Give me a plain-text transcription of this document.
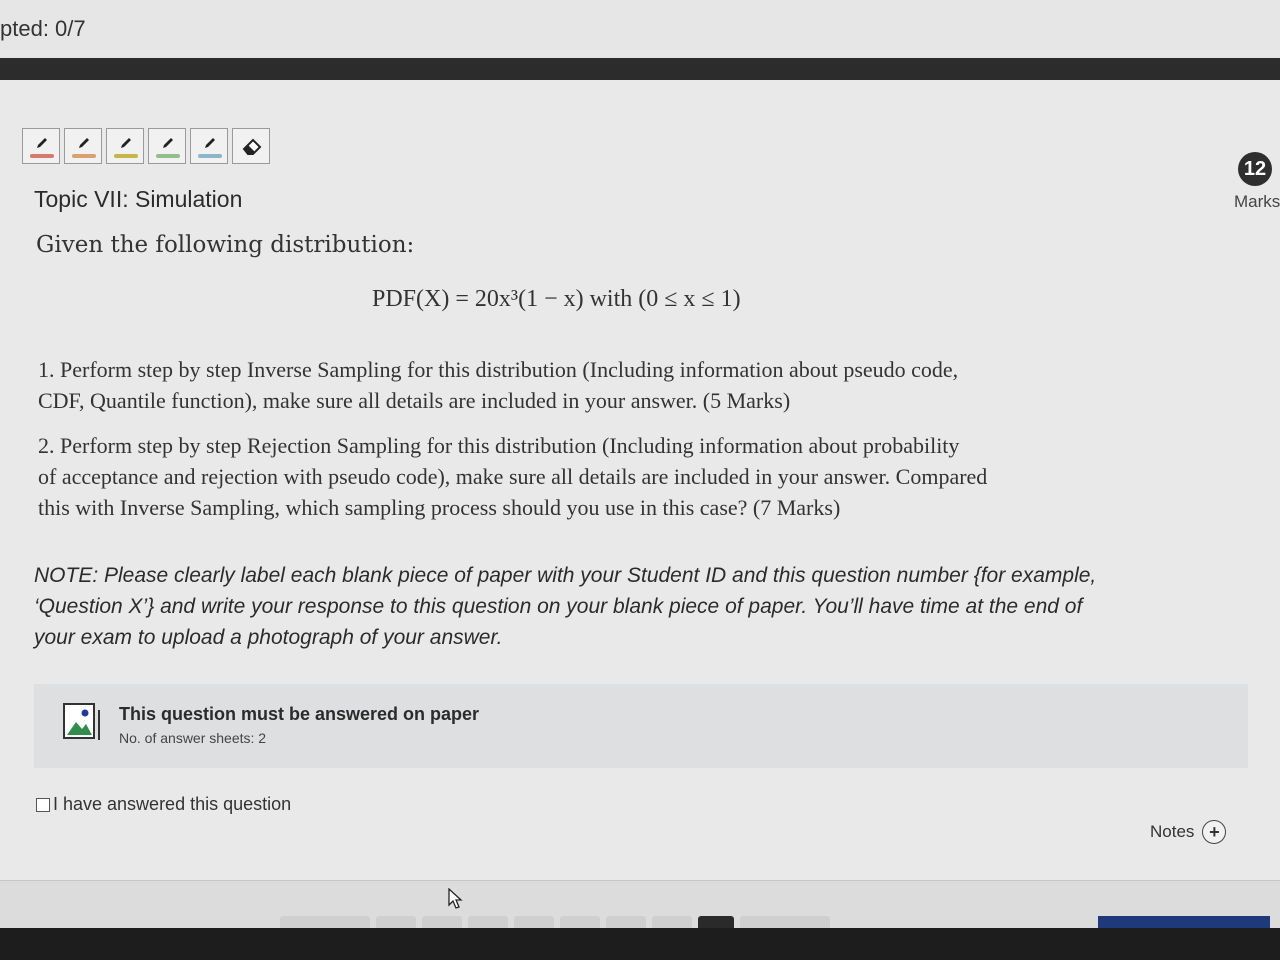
pted: 0/7
12
Marks
Topic VII: Simulation
Given the following distribution:
PDF(X) = 20x³(1 − x) with (0 ≤ x ≤ 1)
1. Perform step by step Inverse Sampling for this distribution (Including information about pseudo code,
CDF, Quantile function), make sure all details are included in your answer. (5 Marks)
2. Perform step by step Rejection Sampling for this distribution (Including information about probability
of acceptance and rejection with pseudo code), make sure all details are included in your answer. Compared
this with Inverse Sampling, which sampling process should you use in this case? (7 Marks)
NOTE: Please clearly label each blank piece of paper with your Student ID and this question number {for example, ‘Question X’} and write your response to this question on your blank piece of paper. You’ll have time at the end of your exam to upload a photograph of your answer.
This question must be answered on paper
No. of answer sheets: 2
I have answered this question
Notes +
